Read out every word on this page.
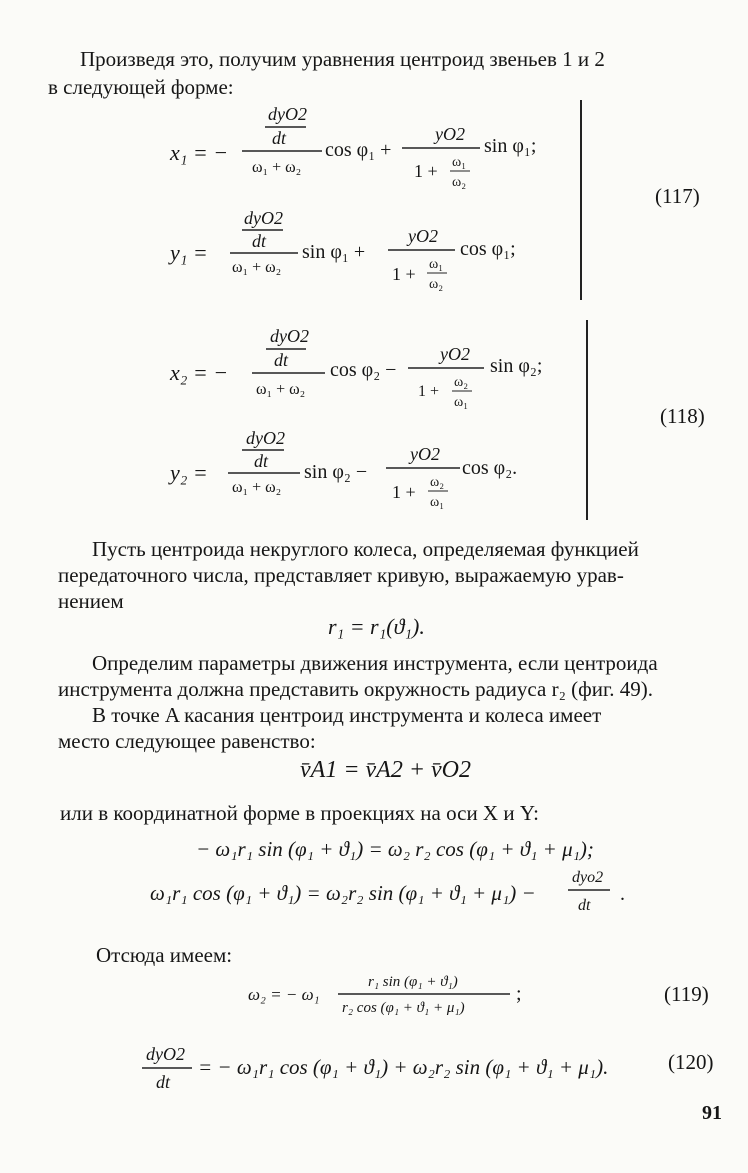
Произведя это, получим уравнения центроид звеньев 1 и 2
в следующей форме:
x₁ = −
dyO2
dt
ω₁ + ω₂
cos φ₁ +
yO2
1 + ω₁
ω₂
sin φ₁;
y₁ =
dyO2
dt
ω₁ + ω₂
sin φ₁ +
yO2
1 + ω₁
ω₂
cos φ₁;
(117)
x₂ = −
dyO2
dt
ω₁ + ω₂
cos φ₂ −
yO2
1 +
ω₂
ω₁
sin φ₂;
y₂ =
dyO2
dt
ω₁ + ω₂
sin φ₂ −
yO2
1 + ω₂
ω₁
cos φ₂.
(118)
Пусть центроида некруглого колеса, определяемая функцией
передаточного числа, представляет кривую, выражаемую урав-
нением
r₁ = r₁(ϑ₁).
Определим параметры движения инструмента, если центроида
инструмента должна представить окружность радиуса r₂ (фиг. 49).
В точке A касания центроид инструмента и колеса имеет
место следующее равенство:
v̄A1 = v̄A2 + v̄O2
или в координатной форме в проекциях на оси X и Y:
− ω₁r₁ sin (φ₁ + ϑ₁) = ω₂ r₂ cos (φ₁ + ϑ₁ + μ₁);
ω₁r₁ cos (φ₁ + ϑ₁) = ω₂r₂ sin (φ₁ + ϑ₁ + μ₁) −
dyo2
dt
.
Отсюда имеем:
ω₂ = − ω₁
r₁ sin (φ₁ + ϑ₁)
r₂ cos (φ₁ + ϑ₁ + μ₁)
;	(119)
dyO2
dt
= − ω₁r₁ cos (φ₁ + ϑ₁) + ω₂r₂ sin (φ₁ + ϑ₁ + μ₁).	(120)
91
